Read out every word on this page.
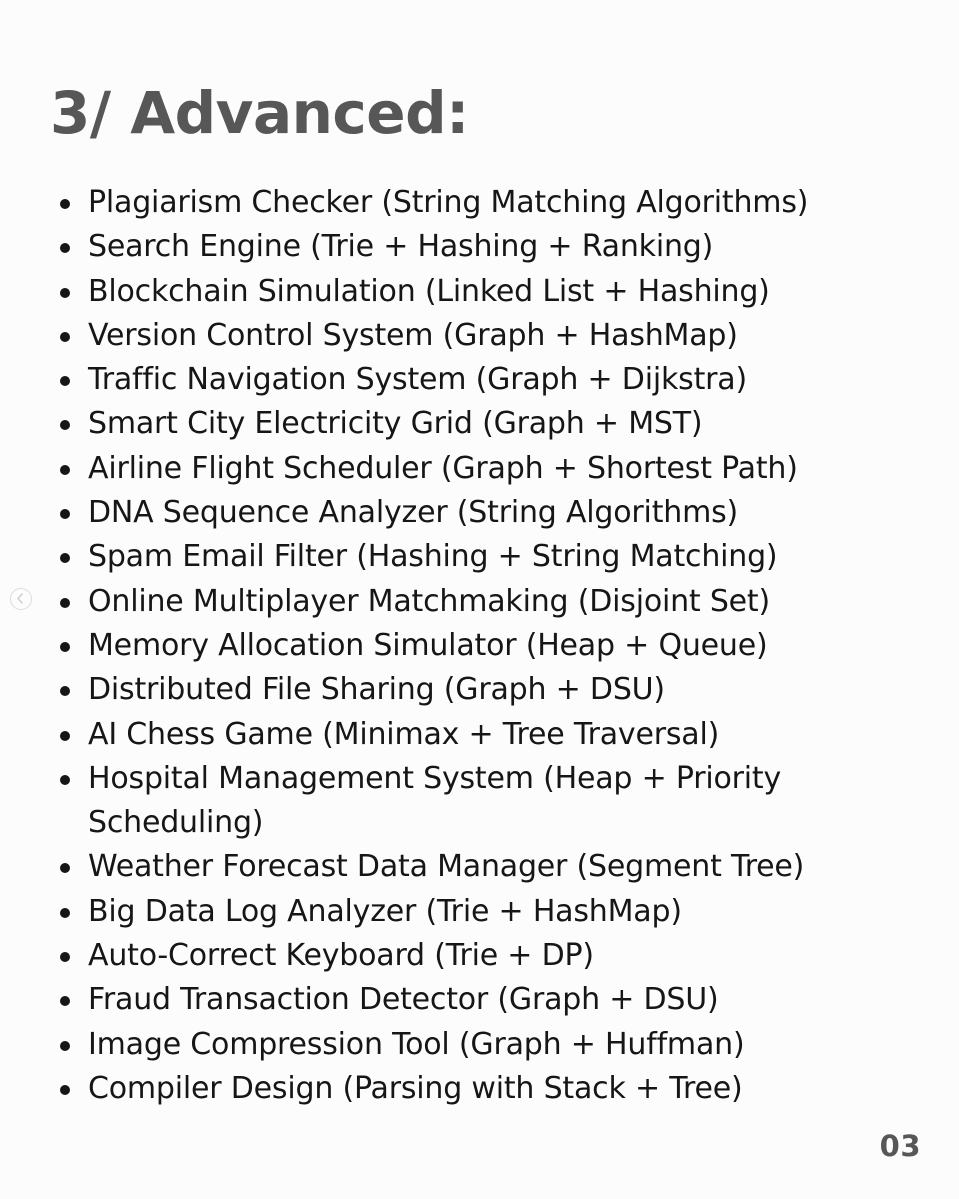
3/ Advanced:
Plagiarism Checker (String Matching Algorithms)
Search Engine (Trie + Hashing + Ranking)
Blockchain Simulation (Linked List + Hashing)
Version Control System (Graph + HashMap)
Traffic Navigation System (Graph + Dijkstra)
Smart City Electricity Grid (Graph + MST)
Airline Flight Scheduler (Graph + Shortest Path)
DNA Sequence Analyzer (String Algorithms)
Spam Email Filter (Hashing + String Matching)
Online Multiplayer Matchmaking (Disjoint Set)
Memory Allocation Simulator (Heap + Queue)
Distributed File Sharing (Graph + DSU)
AI Chess Game (Minimax + Tree Traversal)
Hospital Management System (Heap + Priority Scheduling)
Weather Forecast Data Manager (Segment Tree)
Big Data Log Analyzer (Trie + HashMap)
Auto-Correct Keyboard (Trie + DP)
Fraud Transaction Detector (Graph + DSU)
Image Compression Tool (Graph + Huffman)
Compiler Design (Parsing with Stack + Tree)
03
